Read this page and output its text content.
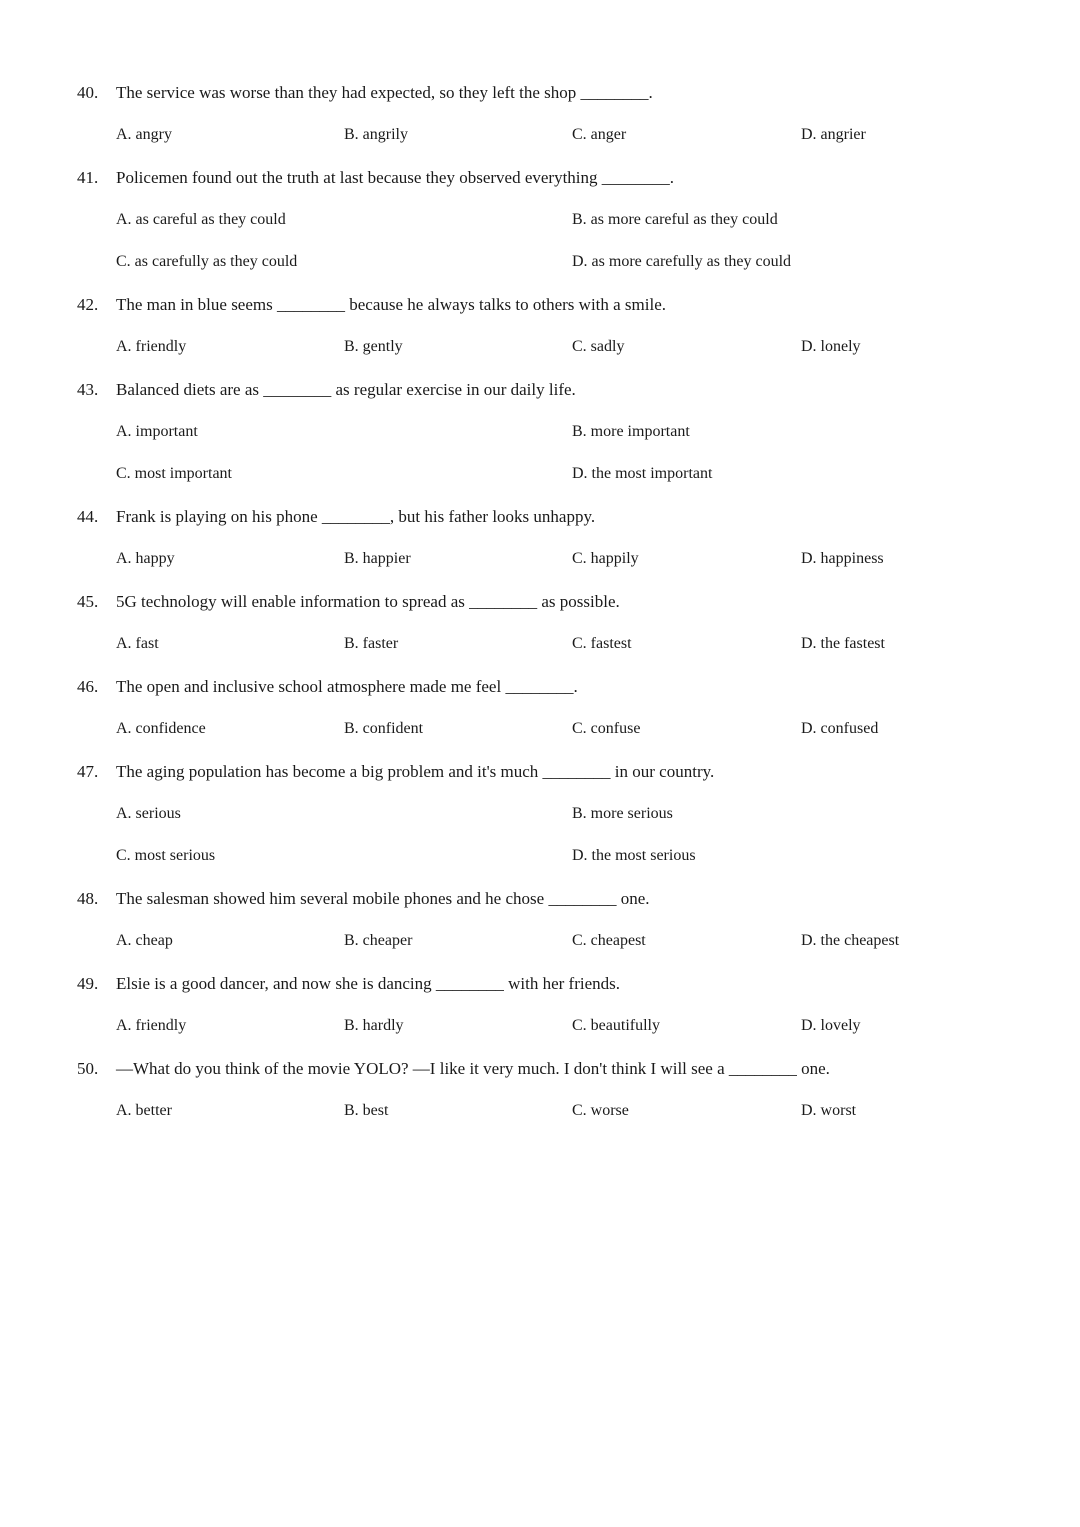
40. The service was worse than they had expected, so they left the shop ________.
A. angry	B. angrily	C. anger	D. angrier
41. Policemen found out the truth at last because they observed everything ________.
A. as careful as they could	B. as more careful as they could
C. as carefully as they could	D. as more carefully as they could
42. The man in blue seems ________ because he always talks to others with a smile.
A. friendly	B. gently	C. sadly	D. lonely
43. Balanced diets are as ________ as regular exercise in our daily life.
A. important	B. more important
C. most important	D. the most important
44. Frank is playing on his phone ________, but his father looks unhappy.
A. happy	B. happier	C. happily	D. happiness
45. 5G technology will enable information to spread as ________ as possible.
A. fast	B. faster	C. fastest	D. the fastest
46. The open and inclusive school atmosphere made me feel ________.
A. confidence	B. confident	C. confuse	D. confused
47. The aging population has become a big problem and it's much ________ in our country.
A. serious	B. more serious
C. most serious	D. the most serious
48. The salesman showed him several mobile phones and he chose ________ one.
A. cheap	B. cheaper	C. cheapest	D. the cheapest
49. Elsie is a good dancer, and now she is dancing ________ with her friends.
A. friendly	B. hardly	C. beautifully	D. lovely
50. —What do you think of the movie YOLO? —I like it very much. I don't think I will see a ________ one.
A. better	B. best	C. worse	D. worst
